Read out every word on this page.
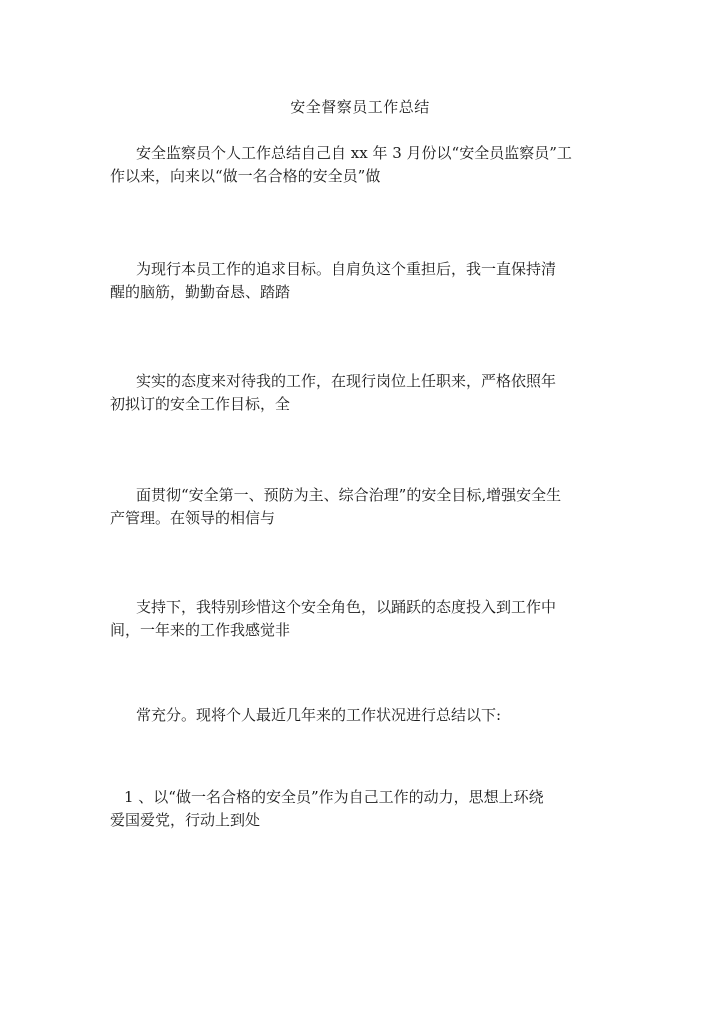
安全督察员工作总结
安全监察员个人工作总结自己自 xx 年 3 月份以“安全员监察员”工
作以来，向来以“做一名合格的安全员”做
为现行本员工作的追求目标。自肩负这个重担后，我一直保持清
醒的脑筋，勤勤奋恳、踏踏
实实的态度来对待我的工作，在现行岗位上任职来，严格依照年
初拟订的安全工作目标，全
面贯彻“安全第一、预防为主、综合治理”的安全目标,增强安全生
产管理。在领导的相信与
支持下，我特别珍惜这个安全角色，以踊跃的态度投入到工作中
间，一年来的工作我感觉非
常充分。现将个人最近几年来的工作状况进行总结以下:
1 、以“做一名合格的安全员”作为自己工作的动力，思想上环绕
爱国爱党，行动上到处
